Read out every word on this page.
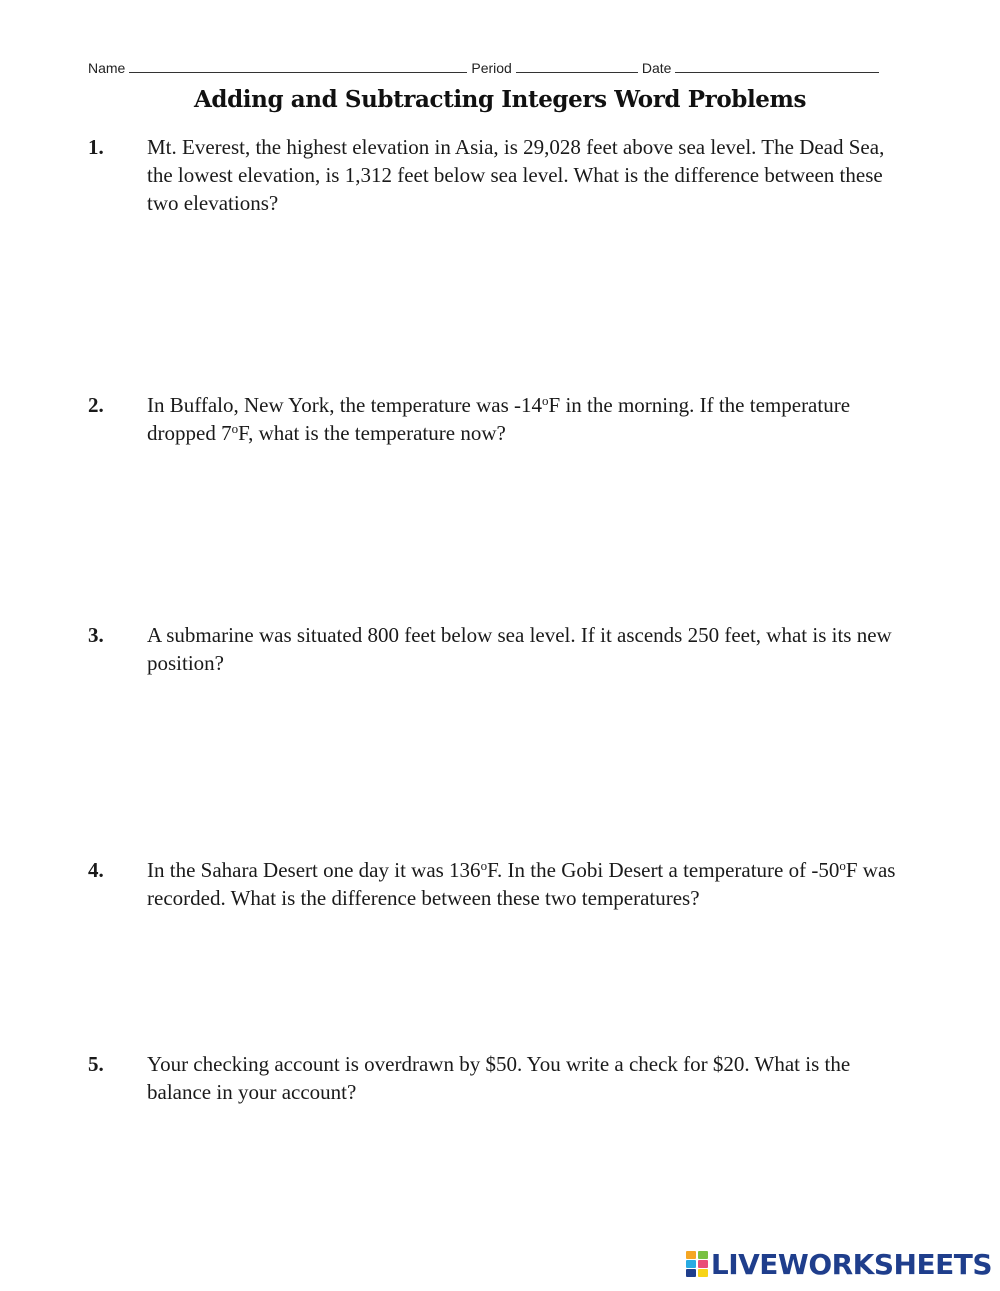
Name	Period	Date
Adding and Subtracting Integers Word Problems
1. Mt. Everest, the highest elevation in Asia, is 29,028 feet above sea level. The Dead Sea, the lowest elevation, is 1,312 feet below sea level. What is the difference between these two elevations?
2. In Buffalo, New York, the temperature was -14$^o$F in the morning. If the temperature dropped 7$^o$F, what is the temperature now?
3. A submarine was situated 800 feet below sea level. If it ascends 250 feet, what is its new position?
4. In the Sahara Desert one day it was 136$^o$F. In the Gobi Desert a temperature of -50$^o$F was recorded. What is the difference between these two temperatures?
5. Your checking account is overdrawn by $50. You write a check for $20. What is the balance in your account?
LIVEWORKSHEETS
